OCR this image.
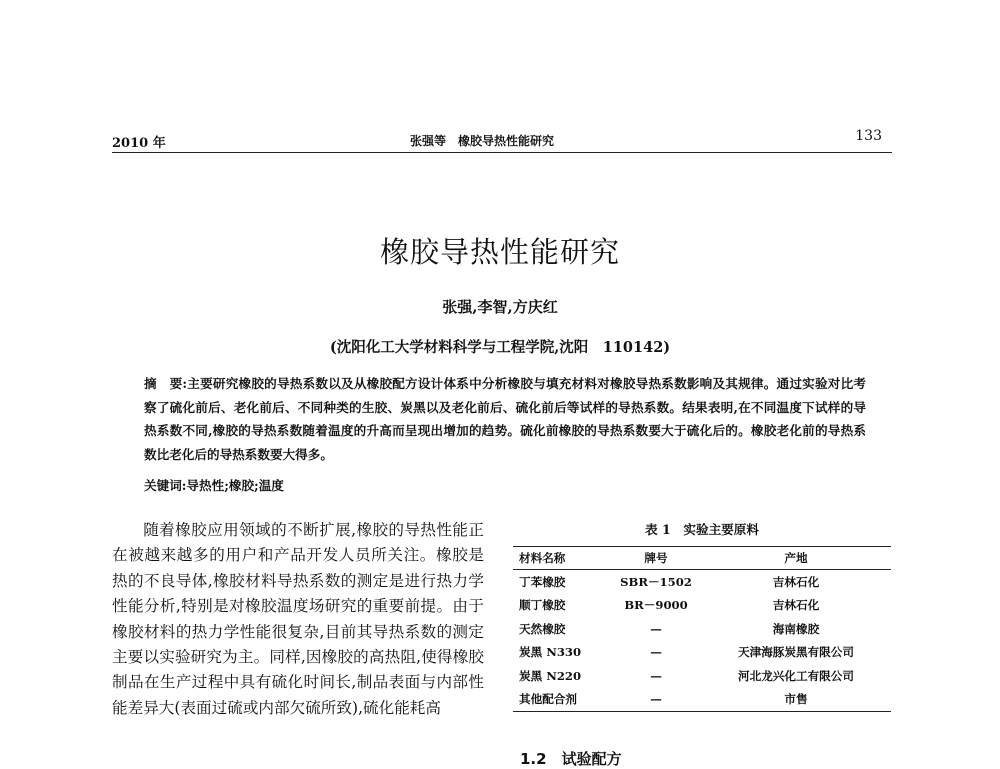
2010 年	张强等　橡胶导热性能研究	133
橡胶导热性能研究
张强,李智,方庆红
(沈阳化工大学材料科学与工程学院,沈阳　110142)
摘　要:主要研究橡胶的导热系数以及从橡胶配方设计体系中分析橡胶与填充材料对橡胶导热系数影响及其规律。通过实验对比考察了硫化前后、老化前后、不同种类的生胶、炭黑以及老化前后、硫化前后等试样的导热系数。结果表明,在不同温度下试样的导热系数不同,橡胶的导热系数随着温度的升高而呈现出增加的趋势。硫化前橡胶的导热系数要大于硫化后的。橡胶老化前的导热系数比老化后的导热系数要大得多。
关键词:导热性;橡胶;温度

随着橡胶应用领域的不断扩展,橡胶的导热性能正在被越来越多的用户和产品开发人员所关注。橡胶是热的不良导体,橡胶材料导热系数的测定是进行热力学性能分析,特别是对橡胶温度场研究的重要前提。由于橡胶材料的热力学性能很复杂,目前其导热系数的测定主要以实验研究为主。同样,因橡胶的高热阻,使得橡胶制品在生产过程中具有硫化时间长,制品表面与内部性能差异大(表面过硫或内部欠硫所致),硫化能耗高

表 1　实验主要原料
材料名称	牌号	产地
丁苯橡胶	SBR－1502	吉林石化
顺丁橡胶	BR－9000	吉林石化
天然橡胶	—	海南橡胶
炭黑 N330	—	天津海豚炭黑有限公司
炭黑 N220	—	河北龙兴化工有限公司
其他配合剂	—	市售
1.2　试验配方
